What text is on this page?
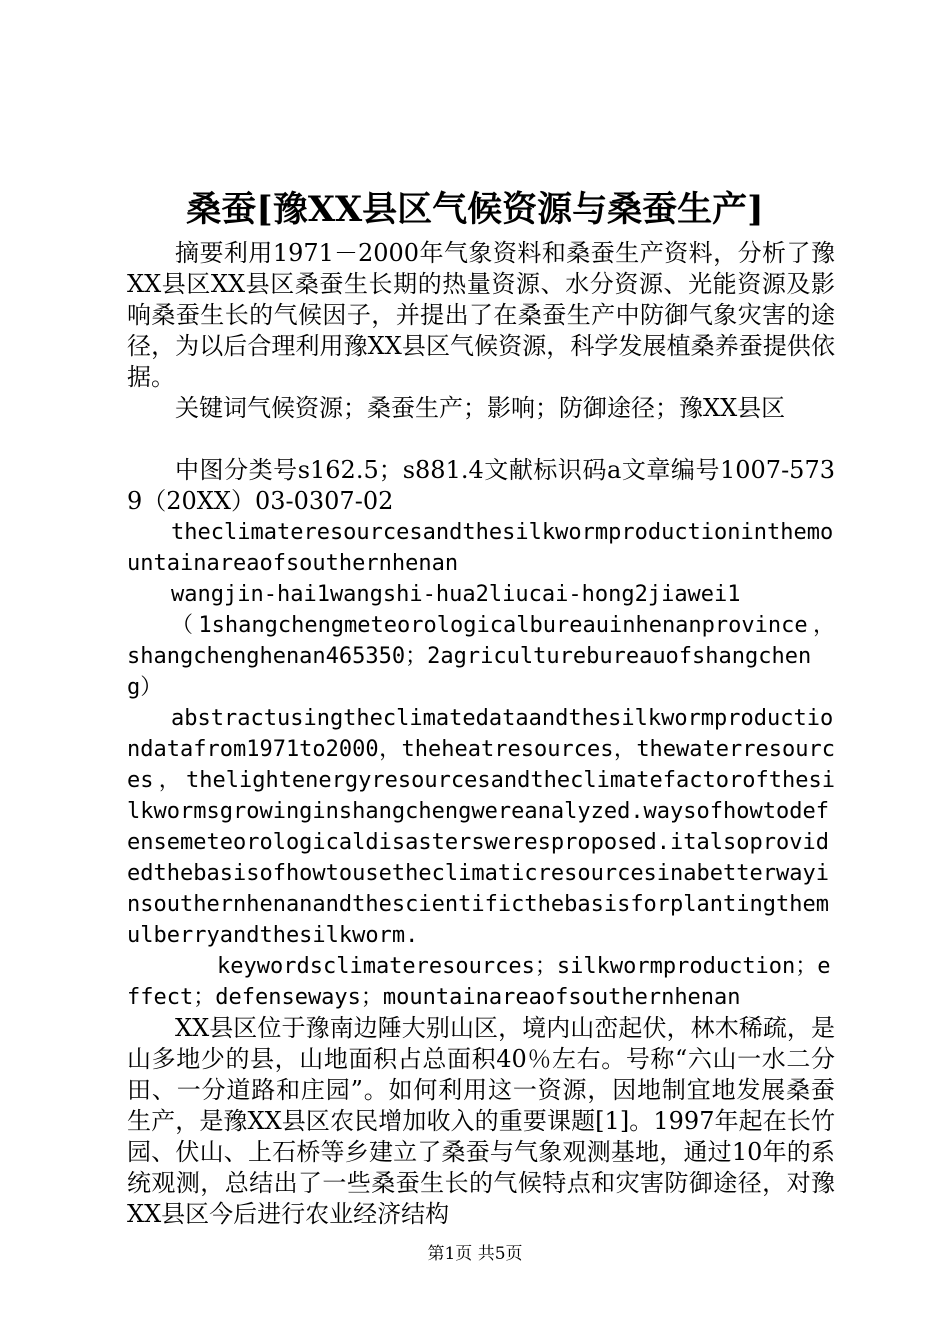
桑蚕[豫XX县区气候资源与桑蚕生产]

摘要利用1971－2000年气象资料和桑蚕生产资料，分析了豫XX县区XX县区桑蚕生长期的热量资源、水分资源、光能资源及影响桑蚕生长的气候因子，并提出了在桑蚕生产中防御气象灾害的途径，为以后合理利用豫XX县区气候资源，科学发展植桑养蚕提供依据。

关键词气候资源；桑蚕生产；影响；防御途径；豫XX县区

中图分类号s162.5；s881.4文献标识码a文章编号1007-5739（20XX）03-0307-02

theclimateresourcesandthesilkwormproductioninthemountainareaofsouthernhenan

wangjin-hai1wangshi-hua2liucai-hong2jiawei1

（1shangchengmeteorologicalbureauinhenanprovince，shangchenghenan465350；2agriculturebureauofshangcheng）

abstractusingtheclimatedataandthesilkwormproductiondatafrom1971to2000，theheatresources，thewaterresources，thelightenergyresourcesandtheclimatefactorofthesilkwormsgrowinginshangchengwereanalyzed.waysofhowtodefensemeteorologicaldisastersweresproposed.italsoprovidedthebasisofhowtousetheclimaticresourcesinabetterwayinsouthernhenanandthescientificthebasisforplantingthemulberryandthesilkworm.

keywordsclimateresources；silkwormproduction；effect；defenseways；mountainareaofsouthernhenan

XX县区位于豫南边陲大别山区，境内山峦起伏，林木稀疏，是山多地少的县，山地面积占总面积40％左右。号称“六山一水二分田、一分道路和庄园”。如何利用这一资源，因地制宜地发展桑蚕生产，是豫XX县区农民增加收入的重要课题[1]。1997年起在长竹园、伏山、上石桥等乡建立了桑蚕与气象观测基地，通过10年的系统观测，总结出了一些桑蚕生长的气候特点和灾害防御途径，对豫XX县区今后进行农业经济结构

第1页 共5页
